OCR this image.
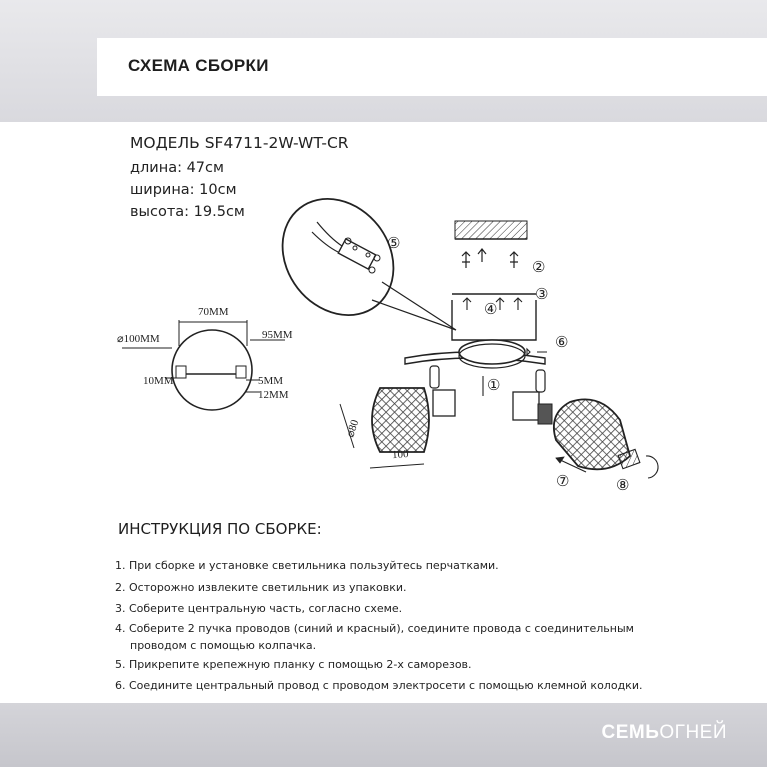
СХЕМА СБОРКИ
МОДЕЛЬ SF4711-2W-WT-CR
длина: 47см
ширина: 10см
высота: 19.5см
70MM
⌀100MM	95MM
10MM	5MM
12MM
⌀80
100
①
②
③
④
⑤
⑥
⑦	⑧
ИНСТРУКЦИЯ ПО СБОРКЕ:
1. При сборке и установке светильника пользуйтесь перчатками.
2. Осторожно извлеките светильник из упаковки.
3. Соберите центральную часть, согласно схеме.
4. Соберите 2 пучка проводов (синий и красный), соедините провода с соединительным
проводом с помощью колпачка.
5. Прикрепите крепежную планку с помощью 2-х саморезов.
6. Соедините центральный провод с проводом электросети с помощью клемной колодки.
СЕМЬОГНЕЙ
